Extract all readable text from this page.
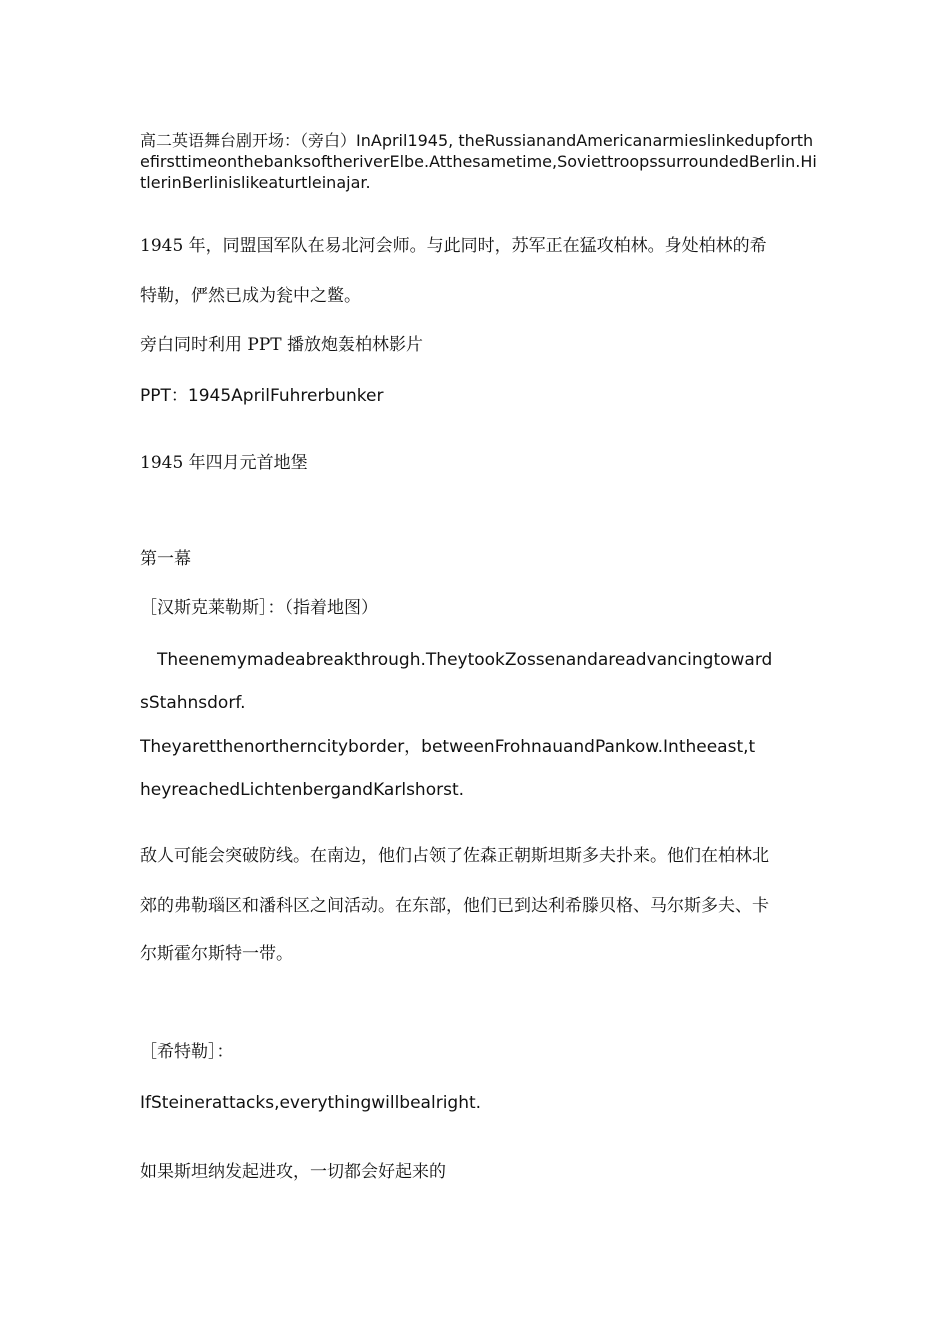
高二英语舞台剧开场：（旁白）InApril1945, theRussianandAmericanarmieslinkedupforthefirsttimeonthebanksoftheriverElbe.Atthesametime,SoviettroopssurroundedBerlin.HitlerinBerlinislikeaturtleinajar.
1945 年，同盟国军队在易北河会师。与此同时，苏军正在猛攻柏林。身处柏林的希
特勒，俨然已成为瓮中之鳖。
旁白同时利用 PPT 播放炮轰柏林影片
PPT：1945AprilFuhrerbunker
1945 年四月元首地堡
第一幕
［汉斯克莱勒斯］：（指着地图）
Theenemymadeabreakthrough.TheytookZossenandareadvancingtoward
sStahnsdorf.
Theyaretthenortherncityborder，betweenFrohnauandPankow.Intheeast,t
heyreachedLichtenbergandKarlshorst.
敌人可能会突破防线。在南边，他们占领了佐森正朝斯坦斯多夫扑来。他们在柏林北
郊的弗勒瑙区和潘科区之间活动。在东部，他们已到达利希滕贝格、马尔斯多夫、卡
尔斯霍尔斯特一带。
［希特勒］：
IfSteinerattacks,everythingwillbealright.
如果斯坦纳发起进攻，一切都会好起来的
